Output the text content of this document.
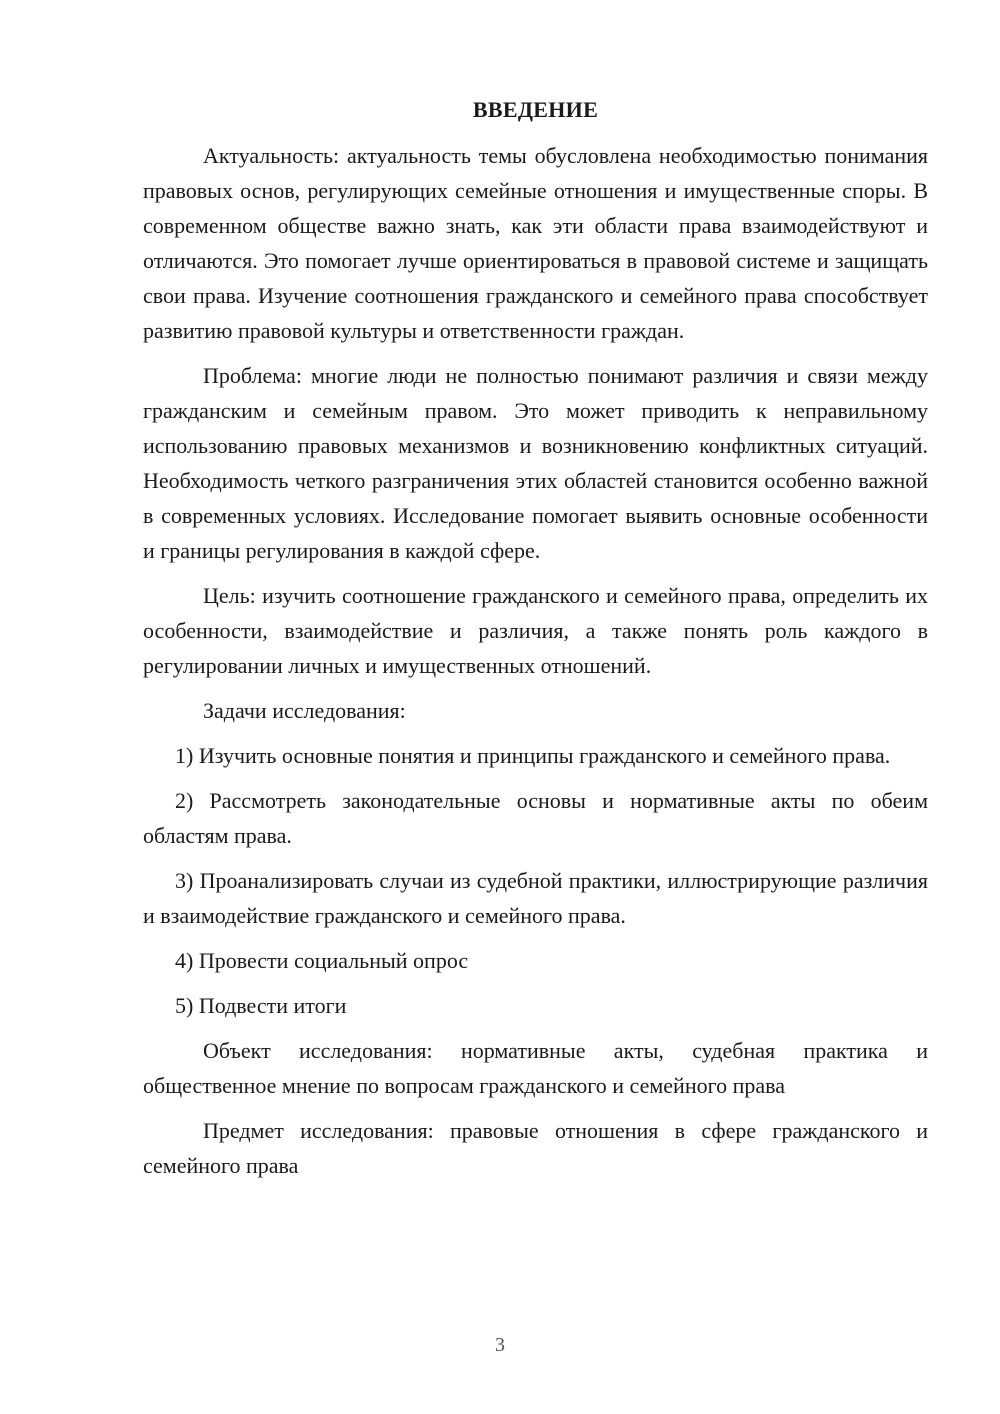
ВВЕДЕНИЕ

Актуальность: актуальность темы обусловлена необходимостью понимания правовых основ, регулирующих семейные отношения и имущественные споры. В современном обществе важно знать, как эти области права взаимодействуют и отличаются. Это помогает лучше ориентироваться в правовой системе и защищать свои права. Изучение соотношения гражданского и семейного права способствует развитию правовой культуры и ответственности граждан.

Проблема: многие люди не полностью понимают различия и связи между гражданским и семейным правом. Это может приводить к неправильному использованию правовых механизмов и возникновению конфликтных ситуаций. Необходимость четкого разграничения этих областей становится особенно важной в современных условиях. Исследование помогает выявить основные особенности и границы регулирования в каждой сфере.

Цель: изучить соотношение гражданского и семейного права, определить их особенности, взаимодействие и различия, а также понять роль каждого в регулировании личных и имущественных отношений.

Задачи исследования:

1) Изучить основные понятия и принципы гражданского и семейного права.

2) Рассмотреть законодательные основы и нормативные акты по обеим областям права.

3) Проанализировать случаи из судебной практики, иллюстрирующие различия и взаимодействие гражданского и семейного права.

4) Провести социальный опрос

5) Подвести итоги

Объект исследования: нормативные акты, судебная практика и общественное мнение по вопросам гражданского и семейного права

Предмет исследования: правовые отношения в сфере гражданского и семейного права

3
